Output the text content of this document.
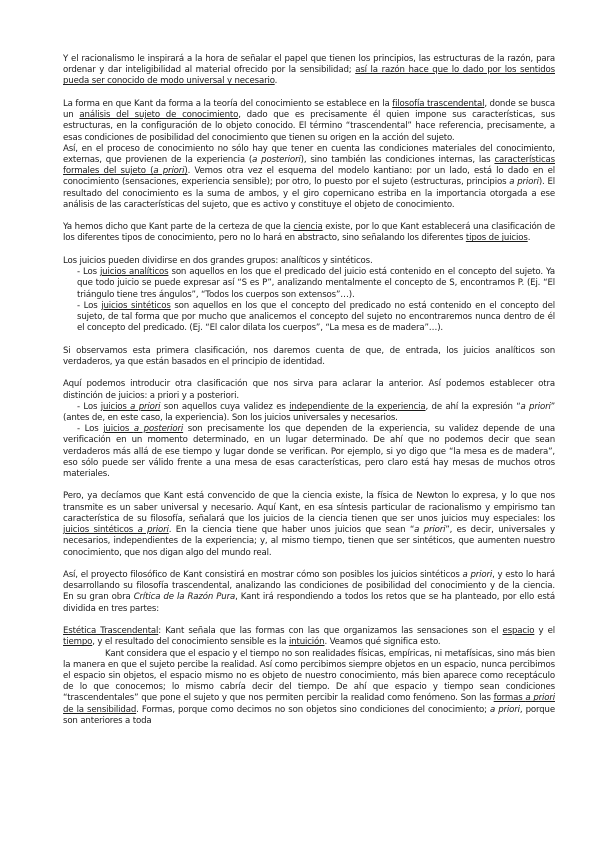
Y el racionalismo le inspirará a la hora de señalar el papel que tienen los principios, las estructuras de la razón, para ordenar y dar inteligibilidad al material ofrecido por la sensibilidad; así la razón hace que lo dado por los sentidos pueda ser conocido de modo universal y necesario.

La forma en que Kant da forma a la teoría del conocimiento se establece en la filosofía trascendental, donde se busca un análisis del sujeto de conocimiento, dado que es precisamente él quien impone sus características, sus estructuras, en la configuración de lo objeto conocido. El término “trascendental” hace referencia, precisamente, a esas condiciones de posibilidad del conocimiento que tienen su origen en la acción del sujeto.

Así, en el proceso de conocimiento no sólo hay que tener en cuenta las condiciones materiales del conocimiento, externas, que provienen de la experiencia (a posteriori), sino también las condiciones internas, las características formales del sujeto (a priori). Vemos otra vez el esquema del modelo kantiano: por un lado, está lo dado en el conocimiento (sensaciones, experiencia sensible); por otro, lo puesto por el sujeto (estructuras, principios a priori). El resultado del conocimiento es la suma de ambos, y el giro copernicano estriba en la importancia otorgada a ese análisis de las características del sujeto, que es activo y constituye el objeto de conocimiento.

Ya hemos dicho que Kant parte de la certeza de que la ciencia existe, por lo que Kant establecerá una clasificación de los diferentes tipos de conocimiento, pero no lo hará en abstracto, sino señalando los diferentes tipos de juicios.

Los juicios pueden dividirse en dos grandes grupos: analíticos y sintéticos.

- Los juicios analíticos son aquellos en los que el predicado del juicio está contenido en el concepto del sujeto. Ya que todo juicio se puede expresar así “S es P”, analizando mentalmente el concepto de S, encontramos P. (Ej. “El triángulo tiene tres ángulos”, “Todos los cuerpos son extensos”…).

- Los juicios sintéticos son aquellos en los que el concepto del predicado no está contenido en el concepto del sujeto, de tal forma que por mucho que analicemos el concepto del sujeto no encontraremos nunca dentro de él el concepto del predicado. (Ej. “El calor dilata los cuerpos”, “La mesa es de madera”…).

Si observamos esta primera clasificación, nos daremos cuenta de que, de entrada, los juicios analíticos son verdaderos, ya que están basados en el principio de identidad.

Aquí podemos introducir otra clasificación que nos sirva para aclarar la anterior. Así podemos establecer otra distinción de juicios: a priori y a posteriori.

- Los juicios a priori son aquellos cuya validez es independiente de la experiencia, de ahí la expresión “a priori” (antes de, en este caso, la experiencia). Son los juicios universales y necesarios.

- Los juicios a posteriori son precisamente los que dependen de la experiencia, su validez depende de una verificación en un momento determinado, en un lugar determinado. De ahí que no podemos decir que sean verdaderos más allá de ese tiempo y lugar donde se verifican. Por ejemplo, si yo digo que “la mesa es de madera”, eso sólo puede ser válido frente a una mesa de esas características, pero claro está hay mesas de muchos otros materiales.

Pero, ya decíamos que Kant está convencido de que la ciencia existe, la física de Newton lo expresa, y lo que nos transmite es un saber universal y necesario. Aquí Kant, en esa síntesis particular de racionalismo y empirismo tan característica de su filosofía, señalará que los juicios de la ciencia tienen que ser unos juicios muy especiales: los juicios sintéticos a priori. En la ciencia tiene que haber unos juicios que sean “a priori”, es decir, universales y necesarios, independientes de la experiencia; y, al mismo tiempo, tienen que ser sintéticos, que aumenten nuestro conocimiento, que nos digan algo del mundo real.

Así, el proyecto filosófico de Kant consistirá en mostrar cómo son posibles los juicios sintéticos a priori, y esto lo hará desarrollando su filosofía trascendental, analizando las condiciones de posibilidad del conocimiento y de la ciencia. En su gran obra Crítica de la Razón Pura, Kant irá respondiendo a todos los retos que se ha planteado, por ello está dividida en tres partes:

Estética Trascendental: Kant señala que las formas con las que organizamos las sensaciones son el espacio y el tiempo, y el resultado del conocimiento sensible es la intuición. Veamos qué significa esto.

Kant considera que el espacio y el tiempo no son realidades físicas, empíricas, ni metafísicas, sino más bien la manera en que el sujeto percibe la realidad. Así como percibimos siempre objetos en un espacio, nunca percibimos el espacio sin objetos, el espacio mismo no es objeto de nuestro conocimiento, más bien aparece como receptáculo de lo que conocemos; lo mismo cabría decir del tiempo. De ahí que espacio y tiempo sean condiciones “trascendentales” que pone el sujeto y que nos permiten percibir la realidad como fenómeno. Son las formas a priori de la sensibilidad. Formas, porque como decimos no son objetos sino condiciones del conocimiento; a priori, porque son anteriores a toda
